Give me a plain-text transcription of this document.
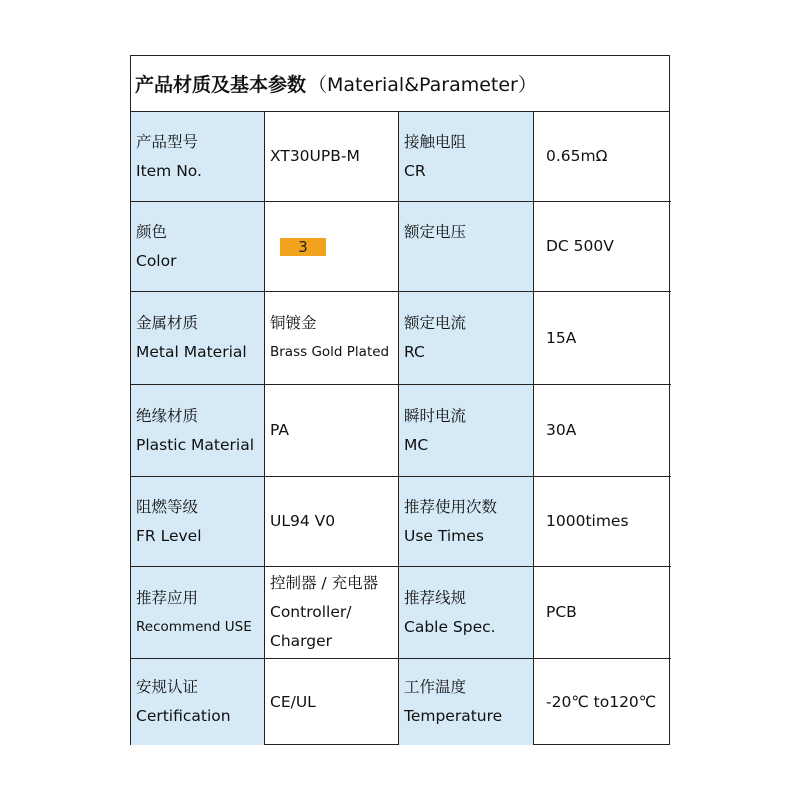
产品材质及基本参数 （Material&Parameter）
产品型号
Item No.
XT30UPB-M
接触电阻
CR
0.65mΩ
颜色
Color
3
额定电压

DC 500V
金属材质
Metal Material
铜镀金
Brass Gold Plated
额定电流
RC
15A
绝缘材质
Plastic Material
PA
瞬时电流
MC
30A
阻燃等级
FR Level
UL94 V0
推荐使用次数
Use Times
1000times
推荐应用
Recommend USE
控制器 / 充电器
Controller/
Charger
推荐线规
Cable Spec.
PCB
安规认证
Certification
CE/UL
工作温度
Temperature
-20℃ to120℃
